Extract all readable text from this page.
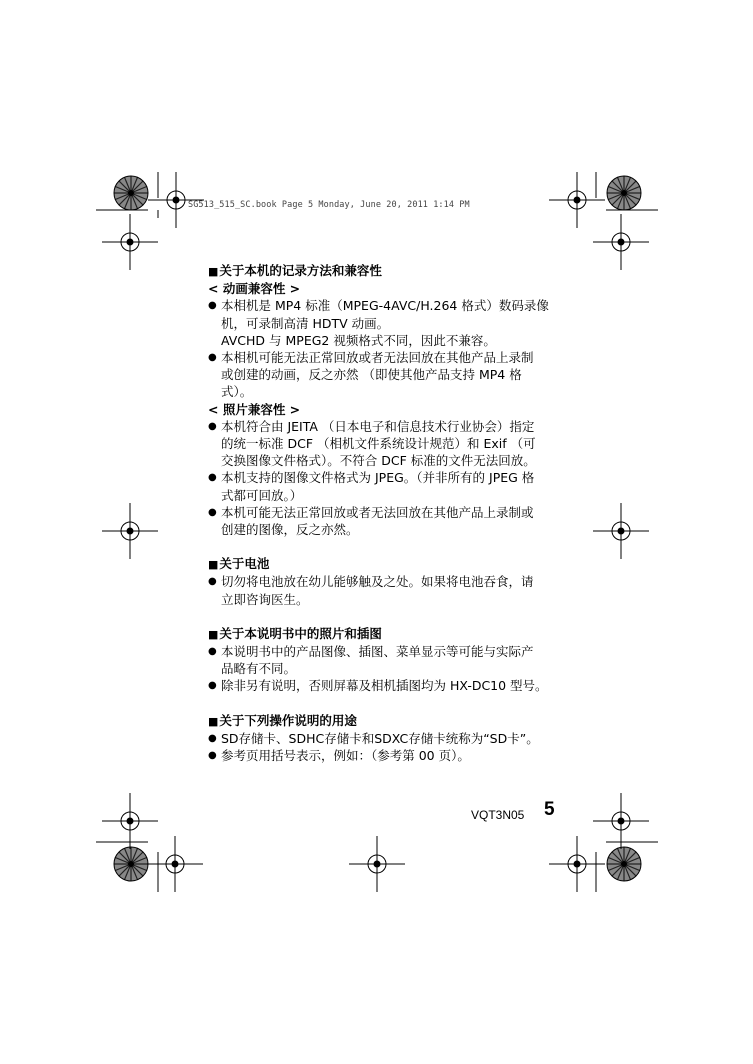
SG513_515_SC.book Page 5 Monday, June 20, 2011 1:14 PM
■关于本机的记录方法和兼容性
< 动画兼容性 >
● 本相机是 MP4 标准（MPEG-4AVC/H.264 格式）数码录像
机，可录制高清 HDTV 动画。
AVCHD 与 MPEG2 视频格式不同，因此不兼容。
● 本相机可能无法正常回放或者无法回放在其他产品上录制
或创建的动画，反之亦然 （即使其他产品支持 MP4 格
式）。
< 照片兼容性 >
● 本机符合由 JEITA （日本电子和信息技术行业协会）指定
的统一标准 DCF （相机文件系统设计规范）和 Exif （可
交换图像文件格式）。不符合 DCF 标准的文件无法回放。
● 本机支持的图像文件格式为 JPEG。（并非所有的 JPEG 格
式都可回放。）
● 本机可能无法正常回放或者无法回放在其他产品上录制或
创建的图像，反之亦然。
■关于电池
● 切勿将电池放在幼儿能够触及之处。如果将电池吞食，请
立即咨询医生。
■关于本说明书中的照片和插图
● 本说明书中的产品图像、插图、菜单显示等可能与实际产
品略有不同。
● 除非另有说明，否则屏幕及相机插图均为 HX-DC10 型号。
■关于下列操作说明的用途
● SD存储卡、SDHC存储卡和SDXC存储卡统称为“SD卡”。
● 参考页用括号表示，例如：（参考第 00 页）。
VQT3N05 5
